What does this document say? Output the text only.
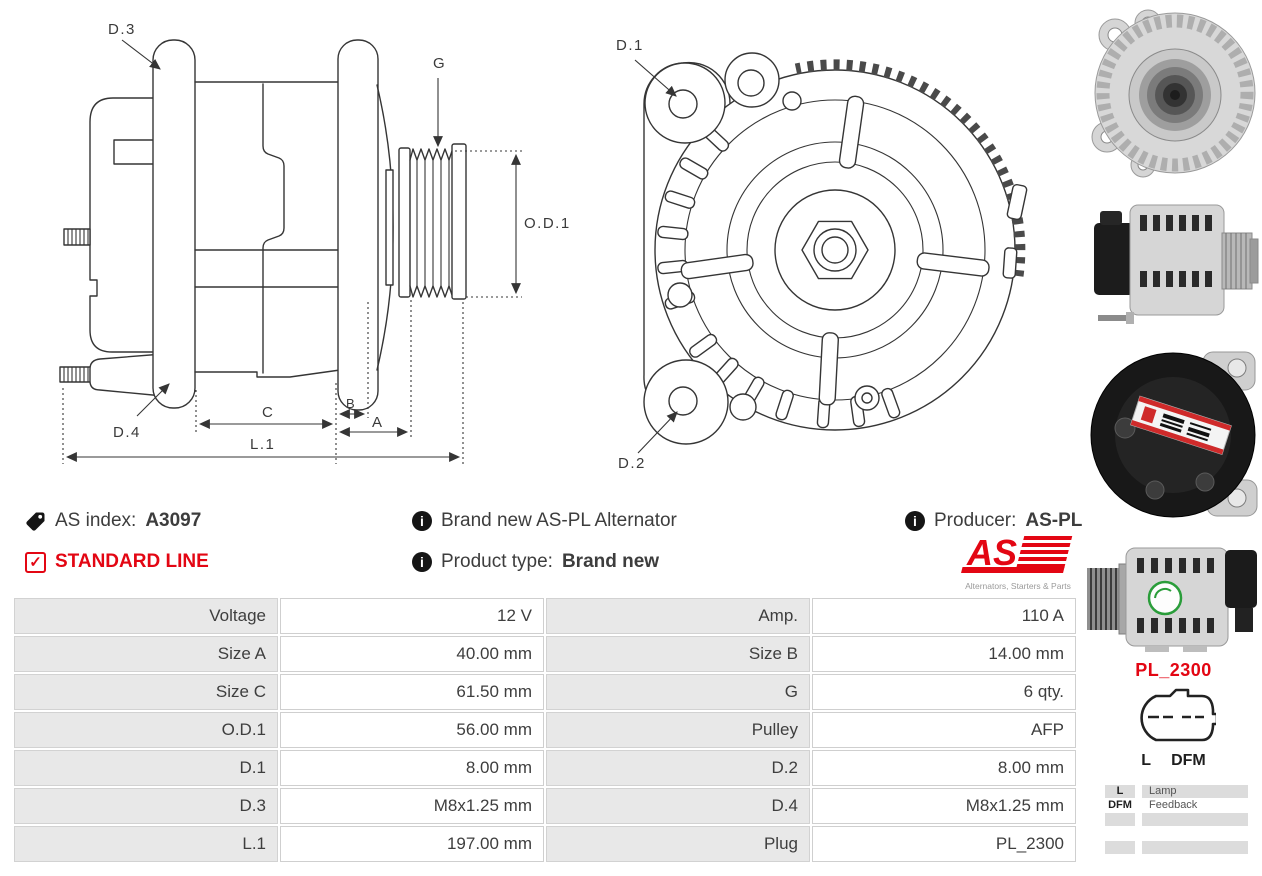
G
D.3
D.4
O.D.1
C
B
A
L.1
D.1
D.2
AS index: A3097	i Brand new AS-PL Alternator	i Producer: AS-PL
✓ STANDARD LINE	i Product type: Brand new	AS
Alternators, Starters & Parts
Voltage	12 V	Amp.	110 A
Size A	40.00 mm	Size B	14.00 mm
Size C	61.50 mm	G	6 qty.
O.D.1	56.00 mm	Pulley	AFP
D.1	8.00 mm	D.2	8.00 mm
D.3	M8x1.25 mm	D.4	M8x1.25 mm
L.1	197.00 mm	Plug	PL_2300
PL_2300
L DFM
L	Lamp
DFM	Feedback
